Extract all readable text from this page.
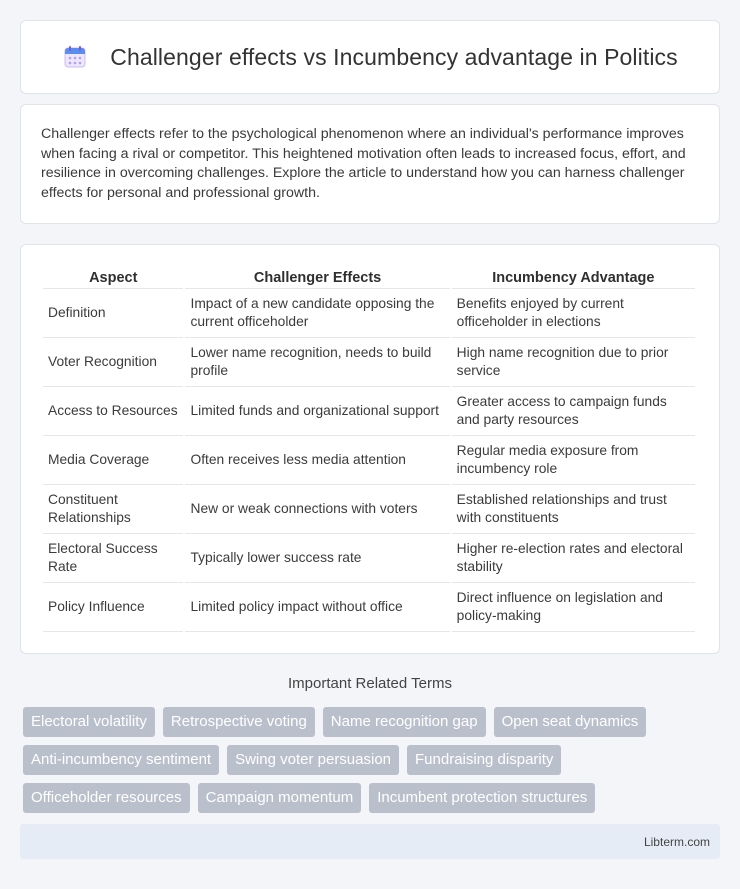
Challenger effects vs Incumbency advantage in Politics

Challenger effects refer to the psychological phenomenon where an individual's performance improves when facing a rival or competitor. This heightened motivation often leads to increased focus, effort, and resilience in overcoming challenges. Explore the article to understand how you can harness challenger effects for personal and professional growth.

Aspect	Challenger Effects	Incumbency Advantage
Definition	Impact of a new candidate opposing the current officeholder	Benefits enjoyed by current officeholder in elections
Voter Recognition	Lower name recognition, needs to build profile	High name recognition due to prior service
Access to Resources	Limited funds and organizational support	Greater access to campaign funds and party resources
Media Coverage	Often receives less media attention	Regular media exposure from incumbency role
Constituent Relationships	New or weak connections with voters	Established relationships and trust with constituents
Electoral Success Rate	Typically lower success rate	Higher re-election rates and electoral stability
Policy Influence	Limited policy impact without office	Direct influence on legislation and policy-making
Important Related Terms
Electoral volatility	Retrospective voting	Name recognition gap	Open seat dynamics
Anti-incumbency sentiment	Swing voter persuasion	Fundraising disparity
Officeholder resources	Campaign momentum	Incumbent protection structures
Libterm.com
